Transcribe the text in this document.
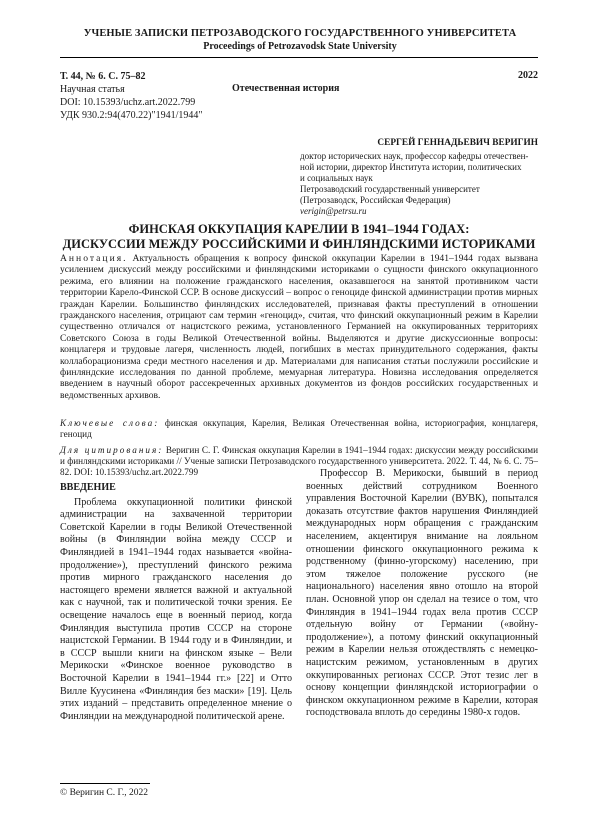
УЧЕНЫЕ ЗАПИСКИ ПЕТРОЗАВОДСКОГО ГОСУДАРСТВЕННОГО УНИВЕРСИТЕТА
Proceedings of Petrozavodsk State University
Т. 44, № 6. С. 75–82
Научная статья
DOI: 10.15393/uchz.art.2022.799
УДК 930.2:94(470.22)"1941/1944"
Отечественная история
2022
СЕРГЕЙ ГЕННАДЬЕВИЧ ВЕРИГИН
доктор исторических наук, профессор кафедры отечествен-
ной истории, директор Института истории, политических
и социальных наук
Петрозаводский государственный университет
(Петрозаводск, Российская Федерация)
verigin@petrsu.ru
ФИНСКАЯ ОККУПАЦИЯ КАРЕЛИИ В 1941–1944 ГОДАХ:
ДИСКУССИИ МЕЖДУ РОССИЙСКИМИ И ФИНЛЯНДСКИМИ ИСТОРИКАМИ
Аннотация. Актуальность обращения к вопросу финской оккупации Карелии в 1941–1944 годах вызвана усилением дискуссий между российскими и финляндскими историками о сущности финского оккупационного режима, его влиянии на положение гражданского населения, оказавшегося на занятой противником части территории Карело-Финской ССР. В основе дискуссий – вопрос о геноциде финской администрации против мирных граждан Карелии. Большинство финляндских исследователей, признавая факты преступлений в отношении гражданского населения, отрицают сам термин «геноцид», считая, что финский оккупационный режим в Карелии существенно отличался от нацистского режима, установленного Германией на оккупированных территориях Советского Союза в годы Великой Отечественной войны. Выделяются и другие дискуссионные вопросы: концлагеря и трудовые лагеря, численность людей, погибших в местах принудительного содержания, факты коллаборационизма среди местного населения и др. Материалами для написания статьи послужили российские и финляндские исследования по данной проблеме, мемуарная литература. Новизна исследования определяется введением в научный оборот рассекреченных архивных документов из фондов российских государственных и ведомственных архивов.
Ключевые слова: финская оккупация, Карелия, Великая Отечественная война, историография, концлагеря, геноцид
Для цитирования: Веригин С. Г. Финская оккупация Карелии в 1941–1944 годах: дискуссии между российскими и финляндскими историками // Ученые записки Петрозаводского государственного университета. 2022. Т. 44, № 6. С. 75–82. DOI: 10.15393/uchz.art.2022.799
ВВЕДЕНИЕ

Проблема оккупационной политики финской администрации на захваченной территории Советской Карелии в годы Великой Отечественной войны (в Финляндии война между СССР и Финляндией в 1941–1944 годах называется «война-продолжение»), преступлений финского режима против мирного гражданского населения до настоящего времени является важной и актуальной как с научной, так и политической точки зрения. Ее освещение началось еще в военный период, когда Финляндия выступила против СССР на стороне нацистской Германии. В 1944 году и в Финляндии, и в СССР вышли книги на финском языке – Вели Мерикоски «Финское военное руководство в Восточной Карелии в 1941–1944 гг.» [22] и Отто Вилле Куусинена «Финляндия без маски» [19]. Цель этих изданий – представить определенное мнение о Финляндии на международной политической арене.

Профессор В. Мерикоски, бывший в период военных действий сотрудником Военного управления Восточной Карелии (ВУВК), попытался доказать отсутствие фактов нарушения Финляндией международных норм обращения с гражданским населением, акцентируя внимание на лояльном отношении финского оккупационного режима к родственному (финно-угорскому) населению, при этом тяжелое положение русского (не национального) населения явно отошло на второй план. Основной упор он сделал на тезисе о том, что Финляндия в 1941–1944 годах вела против СССР отдельную войну от Германии («войну-продолжение»), а потому финский оккупационный режим в Карелии нельзя отождествлять с немецко-нацистским режимом, установленным в других оккупированных регионах СССР. Этот тезис лег в основу концепции финляндской историографии о финском оккупационном режиме в Карелии, которая господствовала вплоть до середины 1980-х годов.

© Веригин С. Г., 2022
